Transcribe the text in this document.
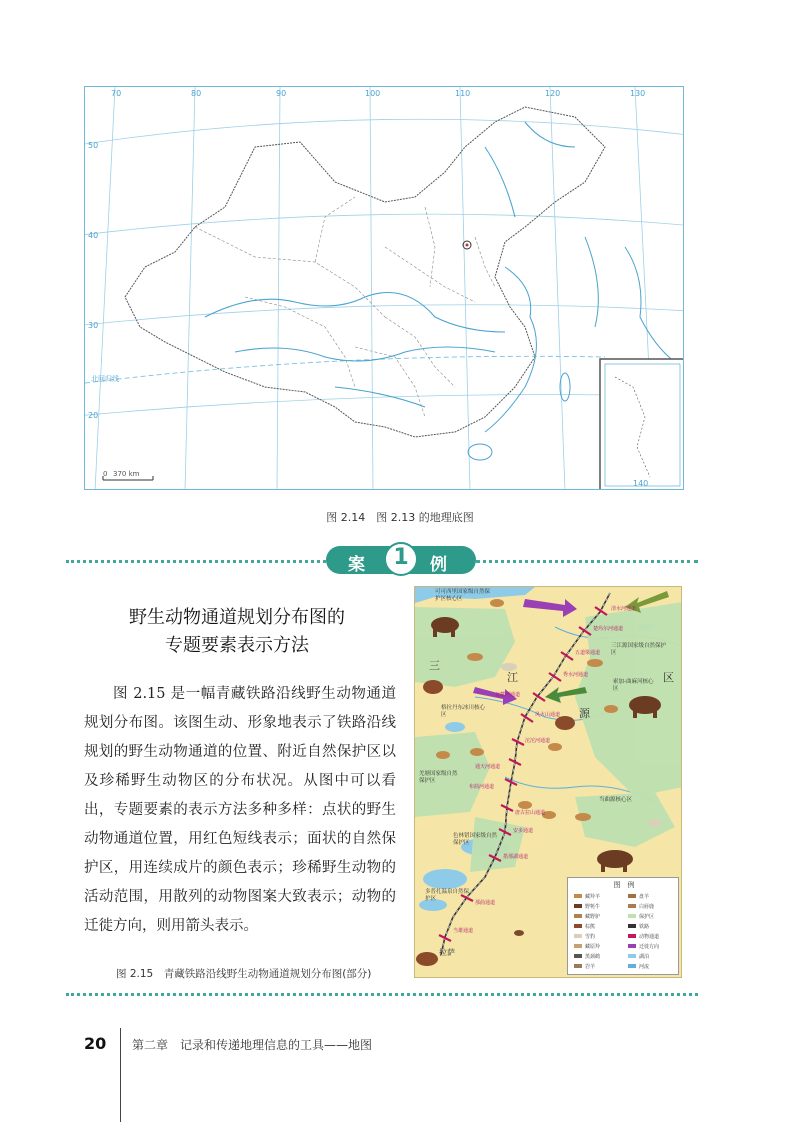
70	80	90	100	110	120	130
140
50
40
30
20
北回归线
0 370 km
图 2.14　图 2.13 的地理底图
案	1	例
野生动物通道规划分布图的
专题要素表示方法
图 2.15 是一幅青藏铁路沿线野生动物通道规划分布图。该图生动、形象地表示了铁路沿线规划的野生动物通道的位置、附近自然保护区以及珍稀野生动物区的分布状况。从图中可以看出，专题要素的表示方法多种多样：点状的野生动物通道位置，用红色短线表示；面状的自然保护区，用连续成片的颜色表示；珍稀野生动物的活动范围，用散列的动物图案大致表示；动物的迁徙方向，则用箭头表示。
三
区
江
源
可可西里国家级自然保护区核心区
三江源国家级自然保护区
索加-曲麻河核心区
格拉丹东冰川核心区
色林错国家级自然保护区
羌塘国家级自然保护区
当曲源核心区
多普扎温泉自然保护区
清水河通道
楚玛尔河通道
五道梁通道
秀水河通道
北麓河通道
风火山通道
沱沱河通道
通天河通道
布曲河通道
唐古拉山通道
安多通道
措那湖通道
那曲通道
当雄通道
拉萨
图　例
藏羚羊
野牦牛
藏野驴
棕熊
雪豹
藏原羚
黑颈鹤
岩羊
盘羊
白唇鹿
保护区
铁路
动物通道
迁徙方向
湖泊
河流
图 2.15　青藏铁路沿线野生动物通道规划分布图(部分)
20 第二章　记录和传递地理信息的工具——地图
